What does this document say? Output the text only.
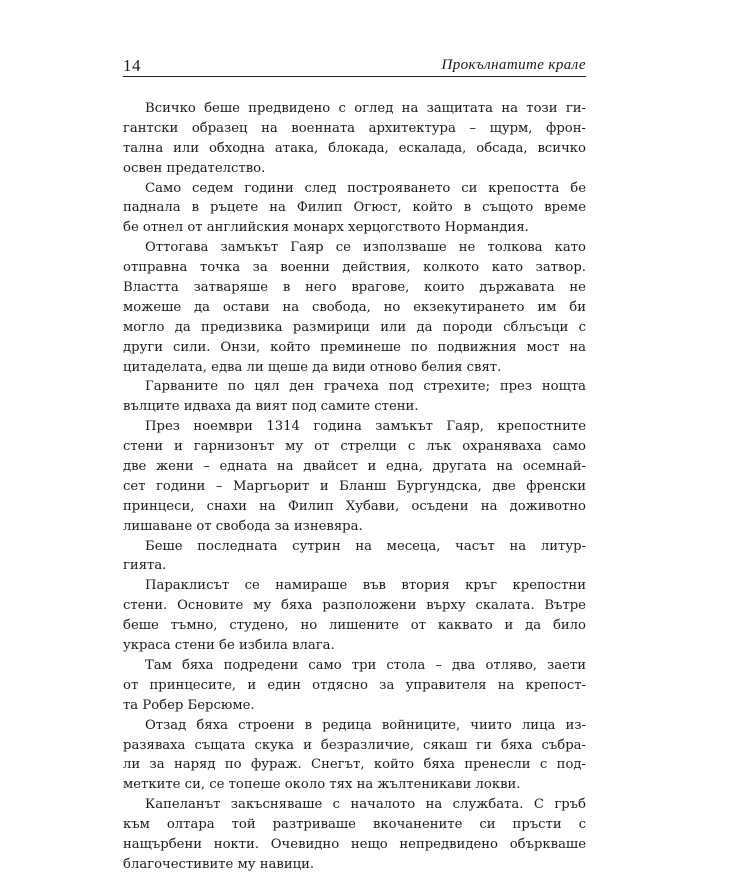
14	Прокълнатите крале
Всичко беше предвидено с оглед на защитата на този ги-
гантски образец на военната архитектура – щурм, фрон-
тална или обходна атака, блокада, ескалада, обсада, всичко
освен предателство.
Само седем години след построяването си крепостта бе
паднала в ръцете на Филип Огюст, който в същото време
бе отнел от английския монарх херцогството Нормандия.
Оттогава замъкът Гаяр се използваше не толкова като
отправна точка за военни действия, колкото като затвор.
Властта затваряше в него врагове, които държавата не
можеше да остави на свобода, но екзекутирането им би
могло да предизвика размирици или да породи сблъсъци с
други сили. Онзи, който преминеше по подвижния мост на
цитаделата, едва ли щеше да види отново белия свят.
Гарваните по цял ден грачеха под стрехите; през нощта
вълците идваха да вият под самите стени.
През ноември 1314 година замъкът Гаяр, крепостните
стени и гарнизонът му от стрелци с лък охраняваха само
две жени – едната на двайсет и една, другата на осемнай-
сет години – Маргьорит и Бланш Бургундска, две френски
принцеси, снахи на Филип Хубави, осъдени на доживотно
лишаване от свобода за изневяра.
Беше последната сутрин на месеца, часът на литур-
гията.
Параклисът се намираше във втория кръг крепостни
стени. Основите му бяха разположени върху скалата. Вътре
беше тъмно, студено, но лишените от каквато и да било
украса стени бе избила влага.
Там бяха подредени само три стола – два отляво, заети
от принцесите, и един отдясно за управителя на крепост-
та Робер Берсюме.
Отзад бяха строени в редица войниците, чиито лица из-
разяваха същата скука и безразличие, сякаш ги бяха събра-
ли за наряд по фураж. Снегът, който бяха пренесли с под-
метките си, се топеше около тях на жълтеникави локви.
Капеланът закъсняваше с началото на службата. С гръб
към олтара той разтриваше вкочанените си пръсти с
нащърбени нокти. Очевидно нещо непредвидено объркваше
благочестивите му навици.
